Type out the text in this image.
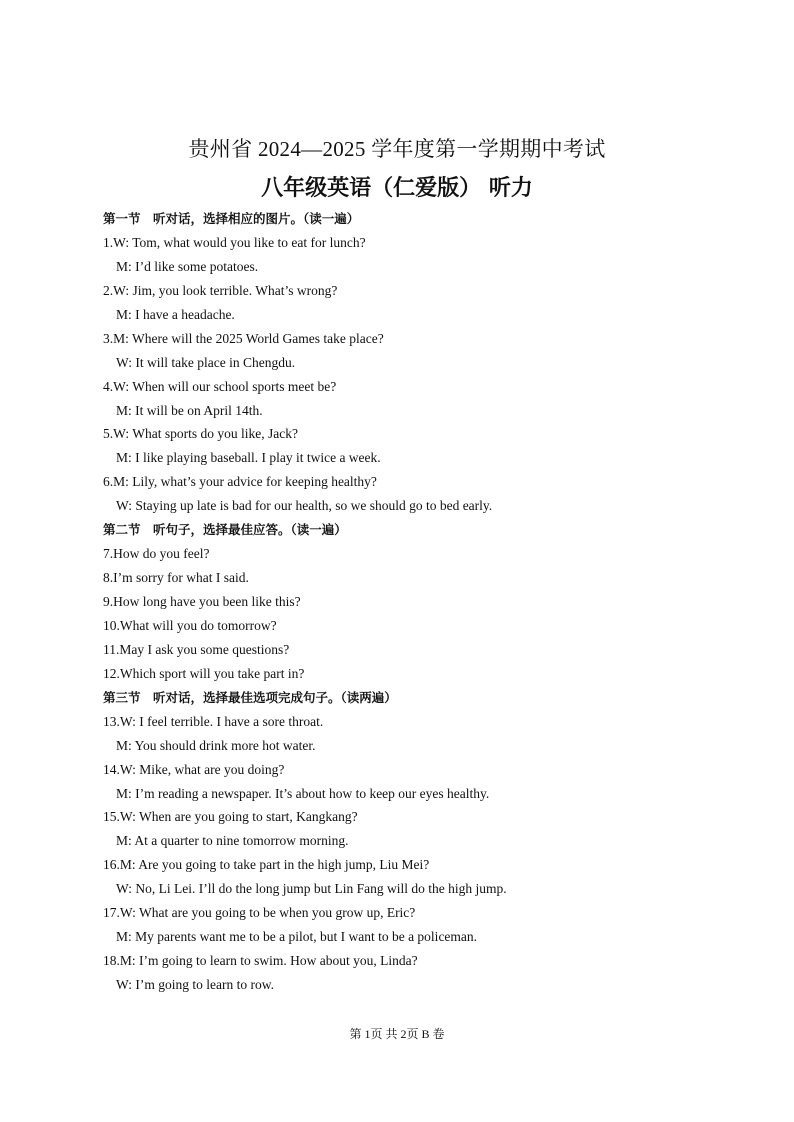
贵州省 2024—2025 学年度第一学期期中考试
八年级英语（仁爱版） 听力
第一节　听对话，选择相应的图片。（读一遍）
1.W: Tom, what would you like to eat for lunch?
M: I’d like some potatoes.
2.W: Jim, you look terrible. What’s wrong?
M: I have a headache.
3.M: Where will the 2025 World Games take place?
W: It will take place in Chengdu.
4.W: When will our school sports meet be?
M: It will be on April 14th.
5.W: What sports do you like, Jack?
M: I like playing baseball. I play it twice a week.
6.M: Lily, what’s your advice for keeping healthy?
W: Staying up late is bad for our health, so we should go to bed early.
第二节　听句子，选择最佳应答。（读一遍）
7.How do you feel?
8.I’m sorry for what I said.
9.How long have you been like this?
10.What will you do tomorrow?
11.May I ask you some questions?
12.Which sport will you take part in?
第三节　听对话，选择最佳选项完成句子。（读两遍）
13.W: I feel terrible. I have a sore throat.
M: You should drink more hot water.
14.W: Mike, what are you doing?
M: I’m reading a newspaper. It’s about how to keep our eyes healthy.
15.W: When are you going to start, Kangkang?
M: At a quarter to nine tomorrow morning.
16.M: Are you going to take part in the high jump, Liu Mei?
W: No, Li Lei. I’ll do the long jump but Lin Fang will do the high jump.
17.W: What are you going to be when you grow up, Eric?
M: My parents want me to be a pilot, but I want to be a policeman.
18.M: I’m going to learn to swim. How about you, Linda?
W: I’m going to learn to row.
第 1页 共 2页 B 卷
